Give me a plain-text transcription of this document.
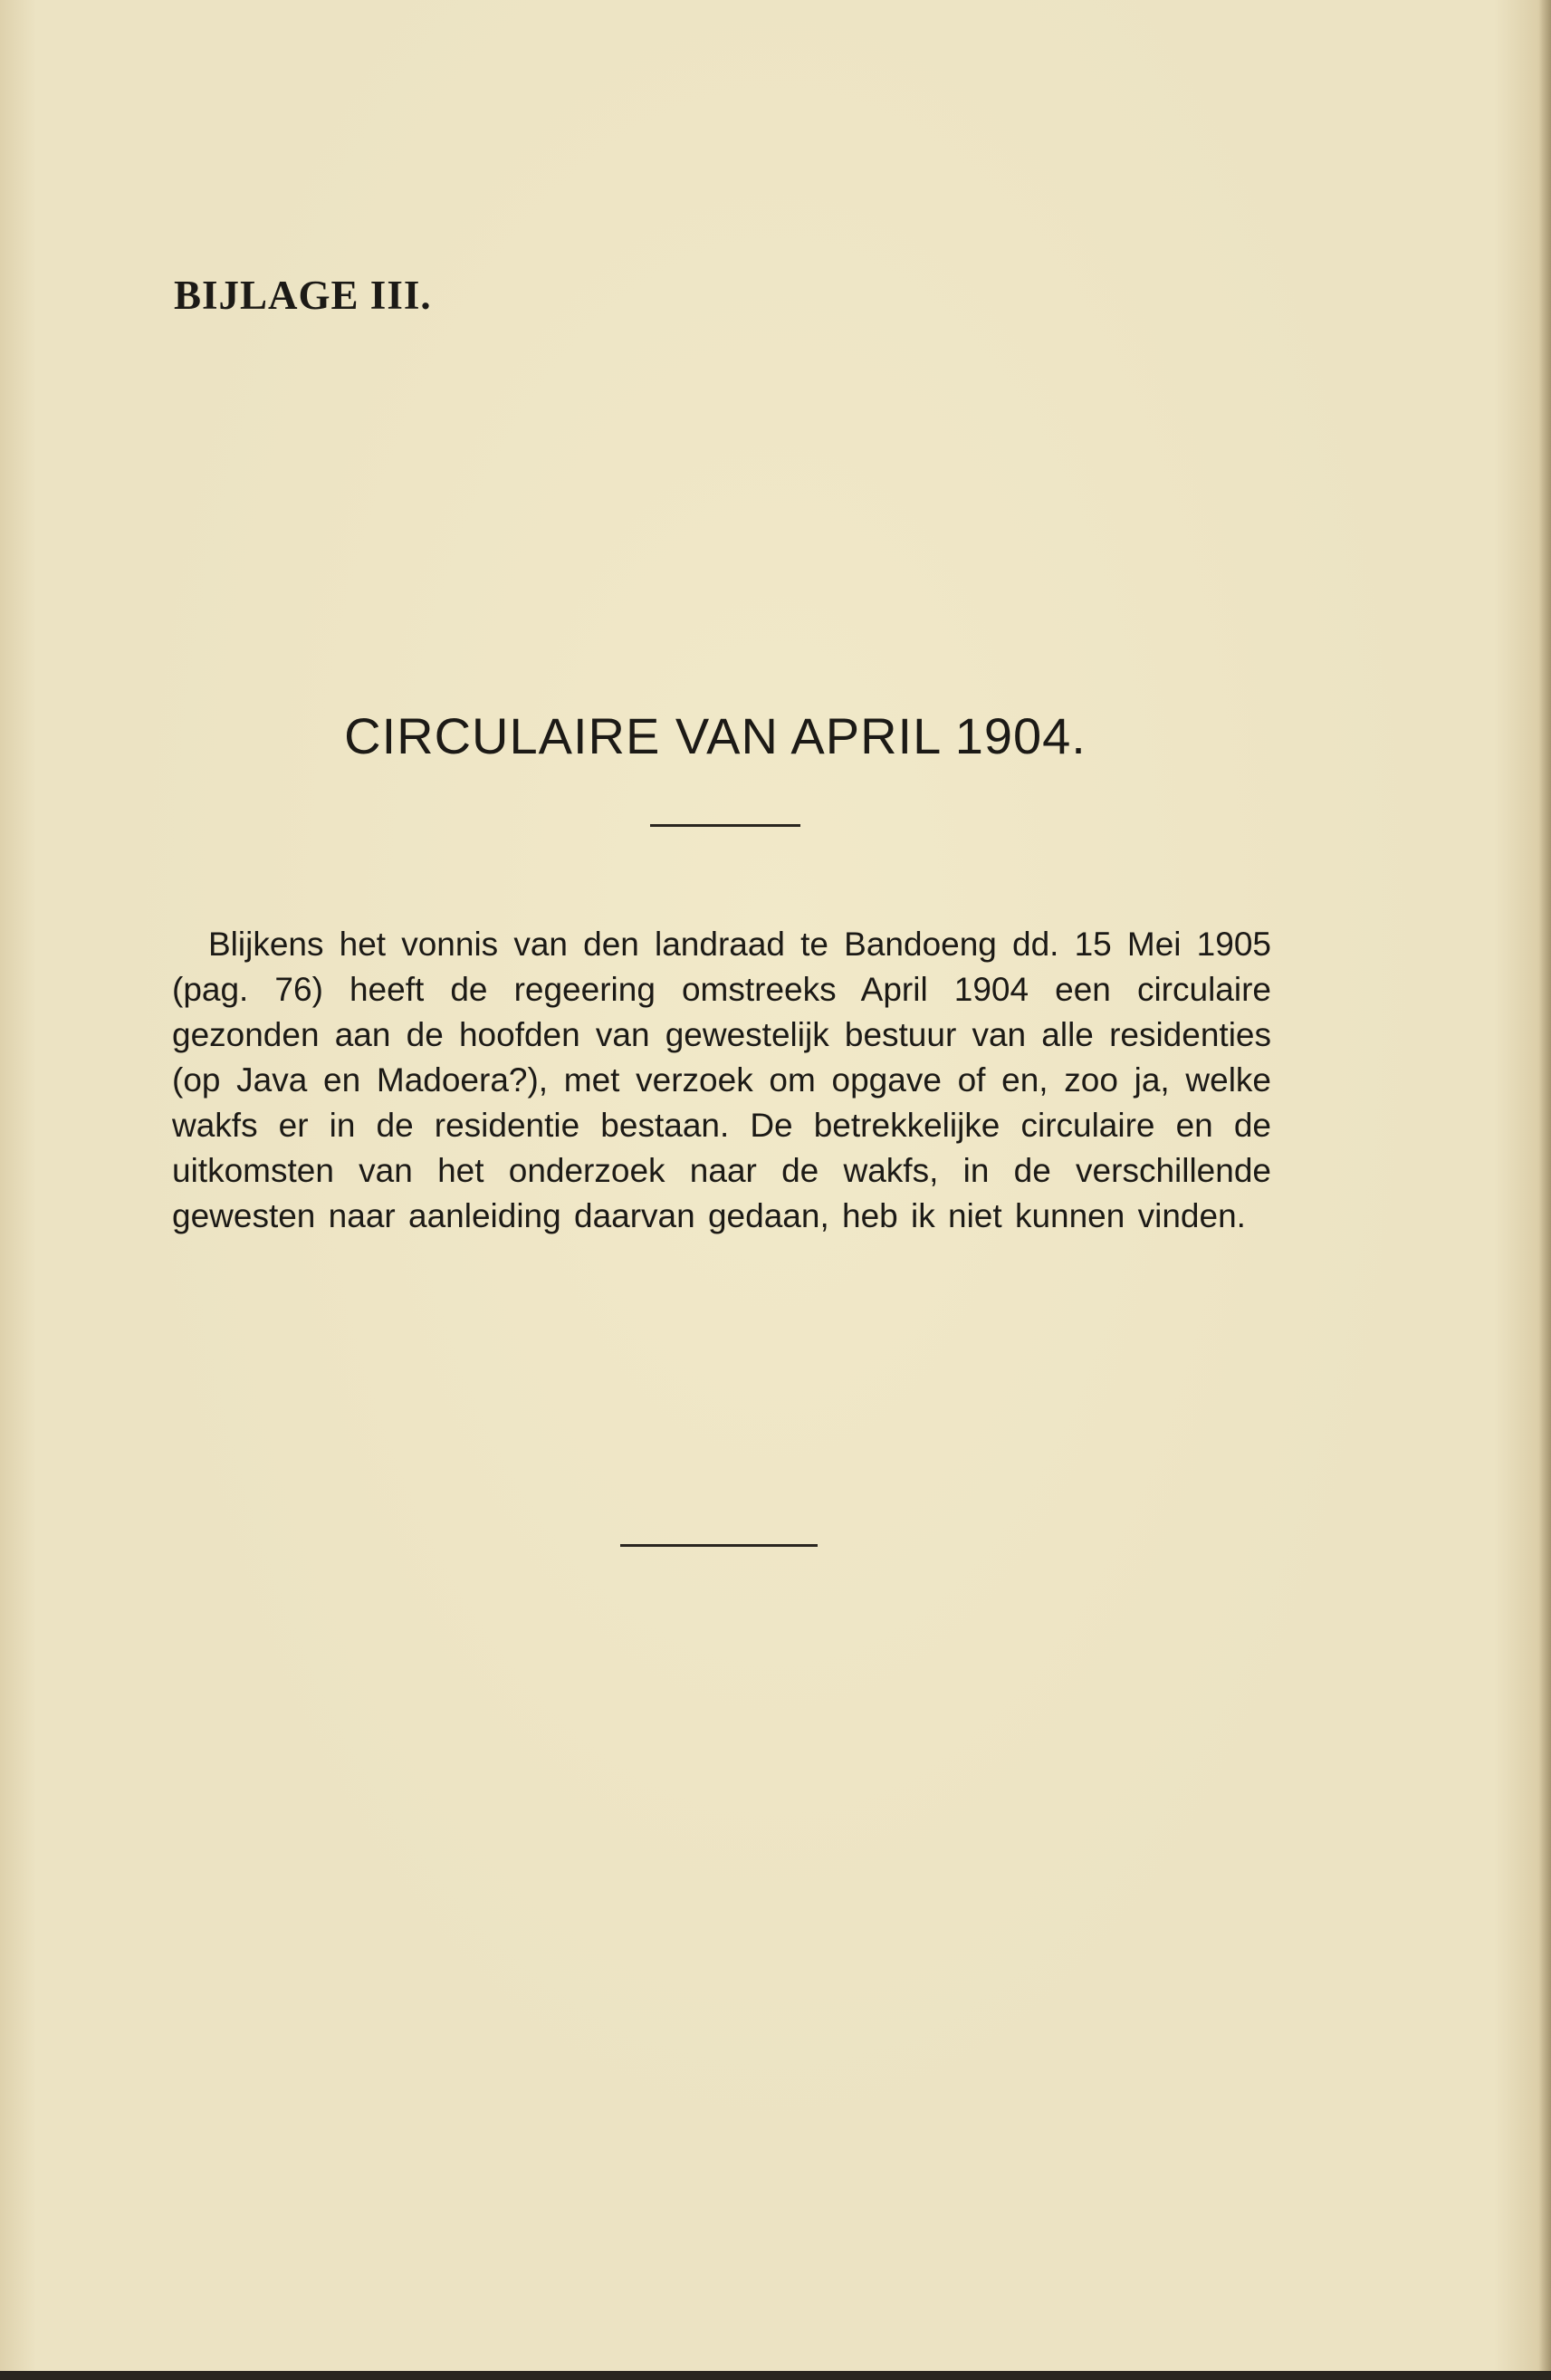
BIJLAGE III.
CIRCULAIRE VAN APRIL 1904.

Blijkens het vonnis van den landraad te Bandoeng dd. 15 Mei 1905 (pag. 76) heeft de regeering omstreeks April 1904 een circulaire gezonden aan de hoofden van gewestelijk bestuur van alle residenties (op Java en Madoera?), met verzoek om opgave of en, zoo ja, welke wakfs er in de residentie bestaan. De betrekkelijke circulaire en de uitkomsten van het onderzoek naar de wakfs, in de verschillende gewesten naar aanleiding daarvan gedaan, heb ik niet kunnen vinden.
